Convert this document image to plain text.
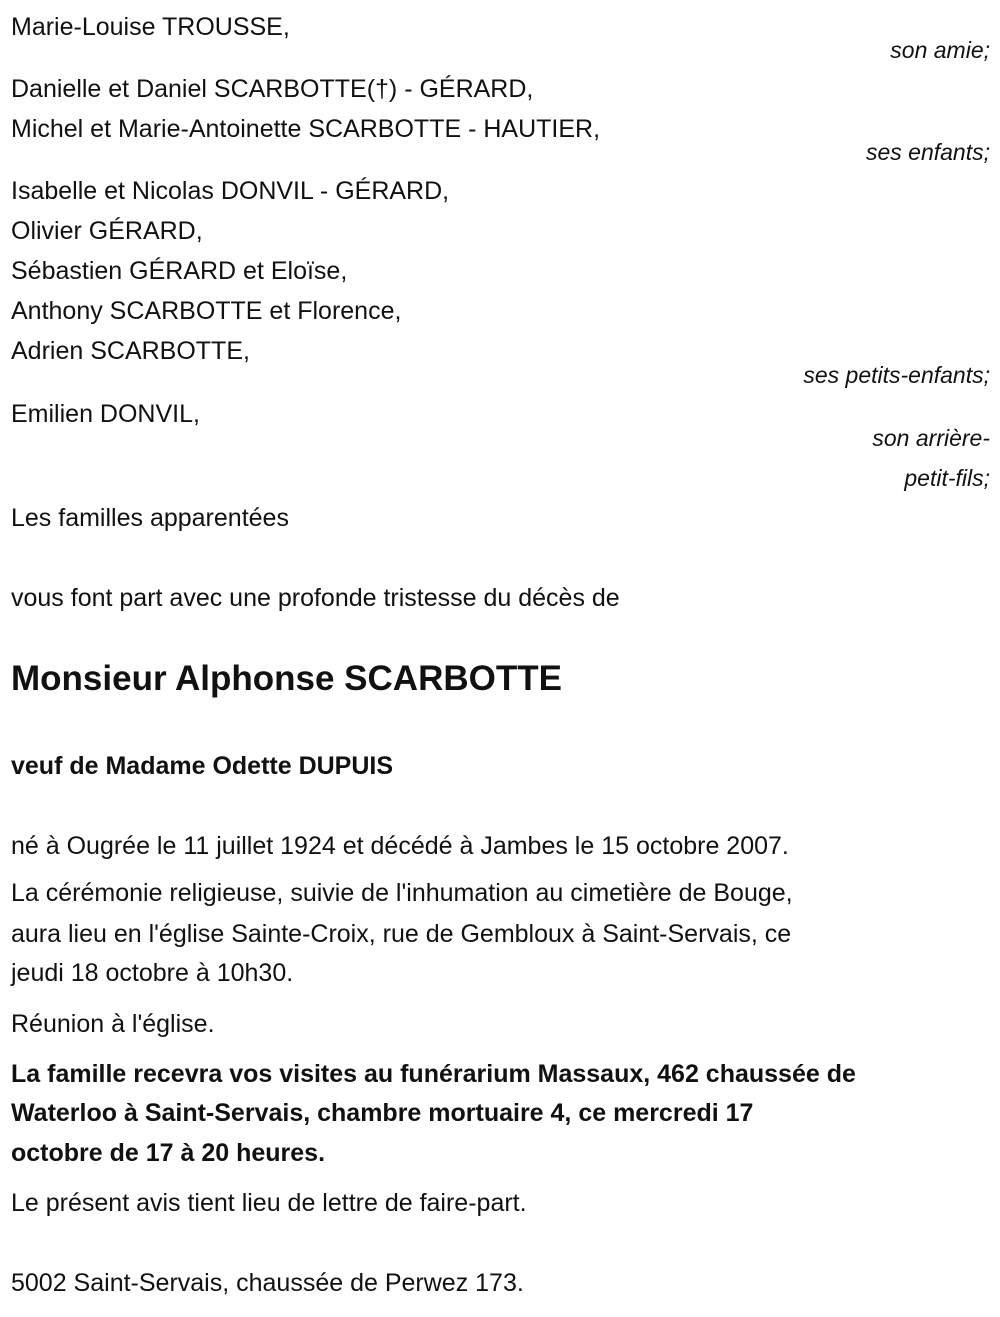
Marie-Louise TROUSSE,
son amie;
Danielle et Daniel SCARBOTTE(†) - GÉRARD,
Michel et Marie-Antoinette SCARBOTTE - HAUTIER,
ses enfants;
Isabelle et Nicolas DONVIL - GÉRARD,
Olivier GÉRARD,
Sébastien GÉRARD et Eloïse,
Anthony SCARBOTTE et Florence,
Adrien SCARBOTTE,
ses petits-enfants;
Emilien DONVIL,
son arrière-
petit-fils;
Les familles apparentées
vous font part avec une profonde tristesse du décès de
Monsieur Alphonse SCARBOTTE
veuf de Madame Odette DUPUIS
né à Ougrée le 11 juillet 1924 et décédé à Jambes le 15 octobre 2007.
La cérémonie religieuse, suivie de l'inhumation au cimetière de Bouge,
aura lieu en l'église Sainte-Croix, rue de Gembloux à Saint-Servais, ce
jeudi 18 octobre à 10h30.
Réunion à l'église.
La famille recevra vos visites au funérarium Massaux, 462 chaussée de
Waterloo à Saint-Servais, chambre mortuaire 4, ce mercredi 17
octobre de 17 à 20 heures.
Le présent avis tient lieu de lettre de faire-part.
5002 Saint-Servais, chaussée de Perwez 173.
